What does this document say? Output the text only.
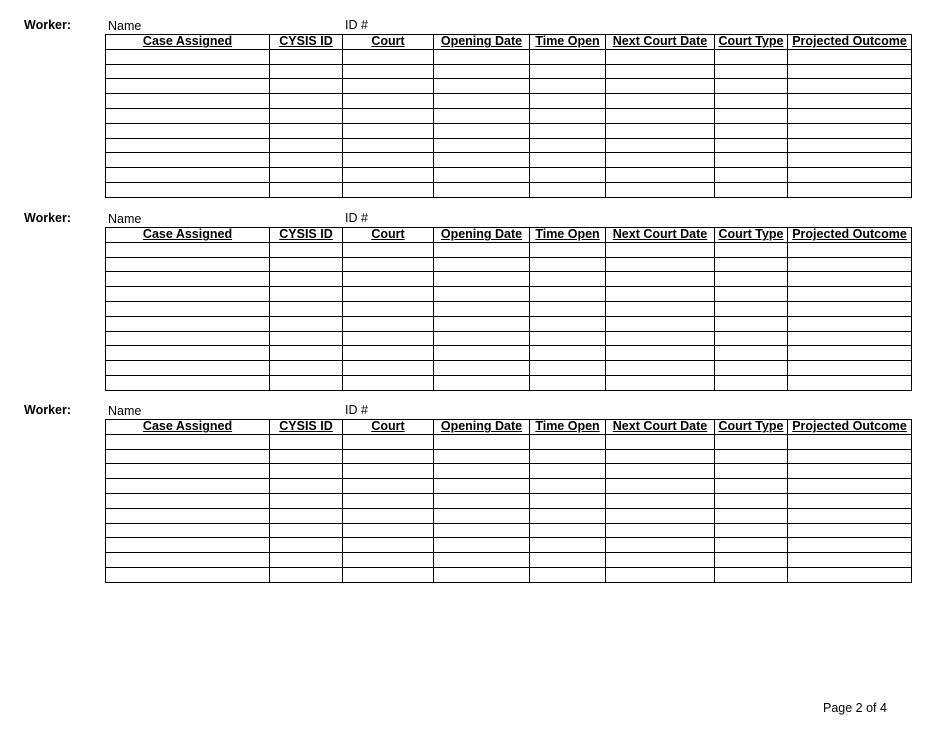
Worker:	Name	ID #
Case Assigned	CYSIS ID	Court	Opening Date	Time Open	Next Court Date	Court Type	Projected Outcome

Worker:	Name	ID #
Case Assigned	CYSIS ID	Court	Opening Date	Time Open	Next Court Date	Court Type	Projected Outcome

Worker:	Name	ID #
Case Assigned	CYSIS ID	Court	Opening Date	Time Open	Next Court Date	Court Type	Projected Outcome

Page 2 of 4
